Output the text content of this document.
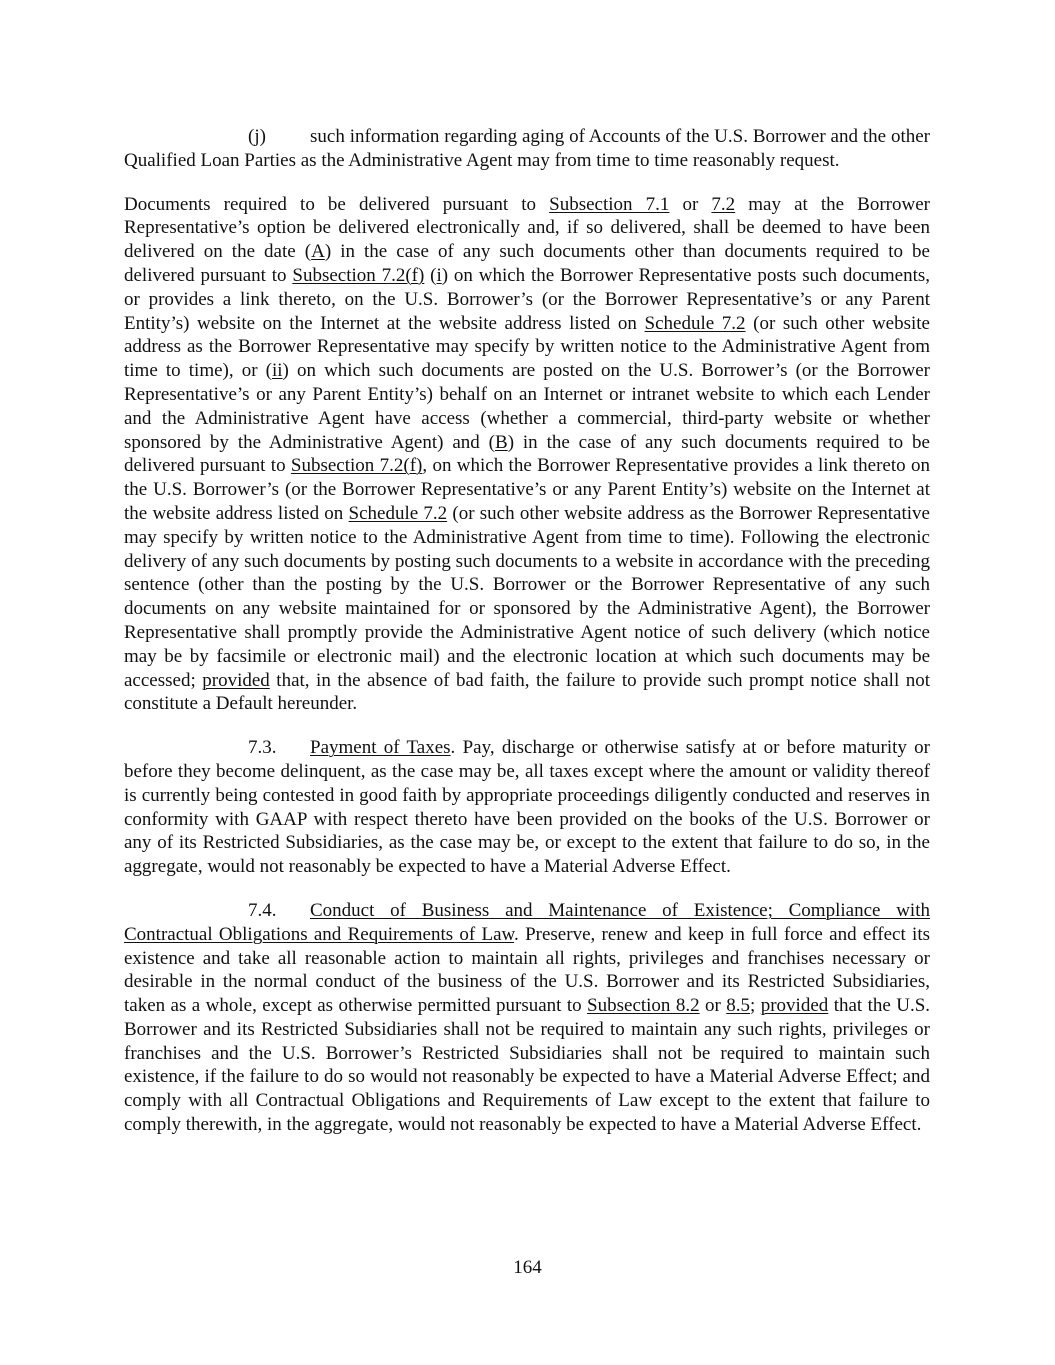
(j) such information regarding aging of Accounts of the U.S. Borrower and the other Qualified Loan Parties as the Administrative Agent may from time to time reasonably request.

Documents required to be delivered pursuant to Subsection 7.1 or 7.2 may at the Borrower Representative’s option be delivered electronically and, if so delivered, shall be deemed to have been delivered on the date (A) in the case of any such documents other than documents required to be delivered pursuant to Subsection 7.2(f) (i) on which the Borrower Representative posts such documents, or provides a link thereto, on the U.S. Borrower’s (or the Borrower Representative’s or any Parent Entity’s) website on the Internet at the website address listed on Schedule 7.2 (or such other website address as the Borrower Representative may specify by written notice to the Administrative Agent from time to time), or (ii) on which such documents are posted on the U.S. Borrower’s (or the Borrower Representative’s or any Parent Entity’s) behalf on an Internet or intranet website to which each Lender and the Administrative Agent have access (whether a commercial, third-party website or whether sponsored by the Administrative Agent) and (B) in the case of any such documents required to be delivered pursuant to Subsection 7.2(f), on which the Borrower Representative provides a link thereto on the U.S. Borrower’s (or the Borrower Representative’s or any Parent Entity’s) website on the Internet at the website address listed on Schedule 7.2 (or such other website address as the Borrower Representative may specify by written notice to the Administrative Agent from time to time). Following the electronic delivery of any such documents by posting such documents to a website in accordance with the preceding sentence (other than the posting by the U.S. Borrower or the Borrower Representative of any such documents on any website maintained for or sponsored by the Administrative Agent), the Borrower Representative shall promptly provide the Administrative Agent notice of such delivery (which notice may be by facsimile or electronic mail) and the electronic location at which such documents may be accessed; provided that, in the absence of bad faith, the failure to provide such prompt notice shall not constitute a Default hereunder.

7.3. Payment of Taxes. Pay, discharge or otherwise satisfy at or before maturity or before they become delinquent, as the case may be, all taxes except where the amount or validity thereof is currently being contested in good faith by appropriate proceedings diligently conducted and reserves in conformity with GAAP with respect thereto have been provided on the books of the U.S. Borrower or any of its Restricted Subsidiaries, as the case may be, or except to the extent that failure to do so, in the aggregate, would not reasonably be expected to have a Material Adverse Effect.

7.4. Conduct of Business and Maintenance of Existence; Compliance with Contractual Obligations and Requirements of Law. Preserve, renew and keep in full force and effect its existence and take all reasonable action to maintain all rights, privileges and franchises necessary or desirable in the normal conduct of the business of the U.S. Borrower and its Restricted Subsidiaries, taken as a whole, except as otherwise permitted pursuant to Subsection 8.2 or 8.5; provided that the U.S. Borrower and its Restricted Subsidiaries shall not be required to maintain any such rights, privileges or franchises and the U.S. Borrower’s Restricted Subsidiaries shall not be required to maintain such existence, if the failure to do so would not reasonably be expected to have a Material Adverse Effect; and comply with all Contractual Obligations and Requirements of Law except to the extent that failure to comply therewith, in the aggregate, would not reasonably be expected to have a Material Adverse Effect.

164
